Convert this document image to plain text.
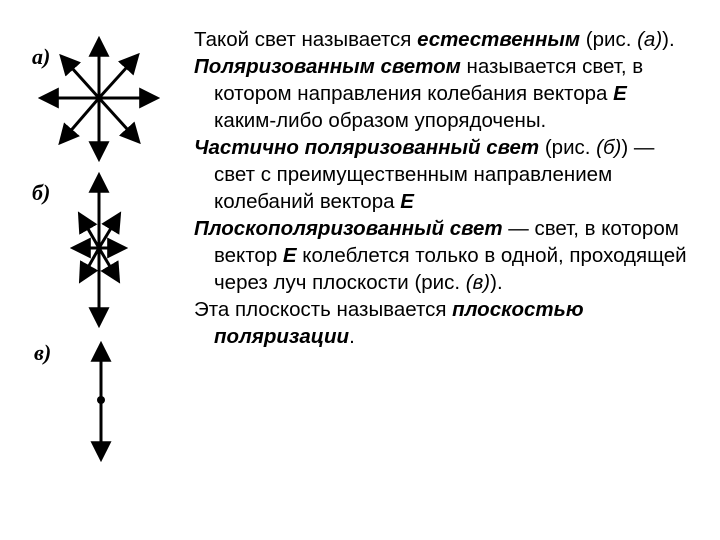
а)
б)
в)

Такой свет называется естественным (рис. (а)).

Поляризованным светом называется свет, в котором направления колебания вектора Е каким-либо образом упорядочены.

Частично поляризованный свет (рис. (б)) — свет с преимущественным направлением колебаний вектора Е

Плоскополяризованный свет — свет, в котором вектор Е колеблется только в одной, проходящей через луч плоскости (рис. (в)).

Эта плоскость называется плоскостью поляризации.
